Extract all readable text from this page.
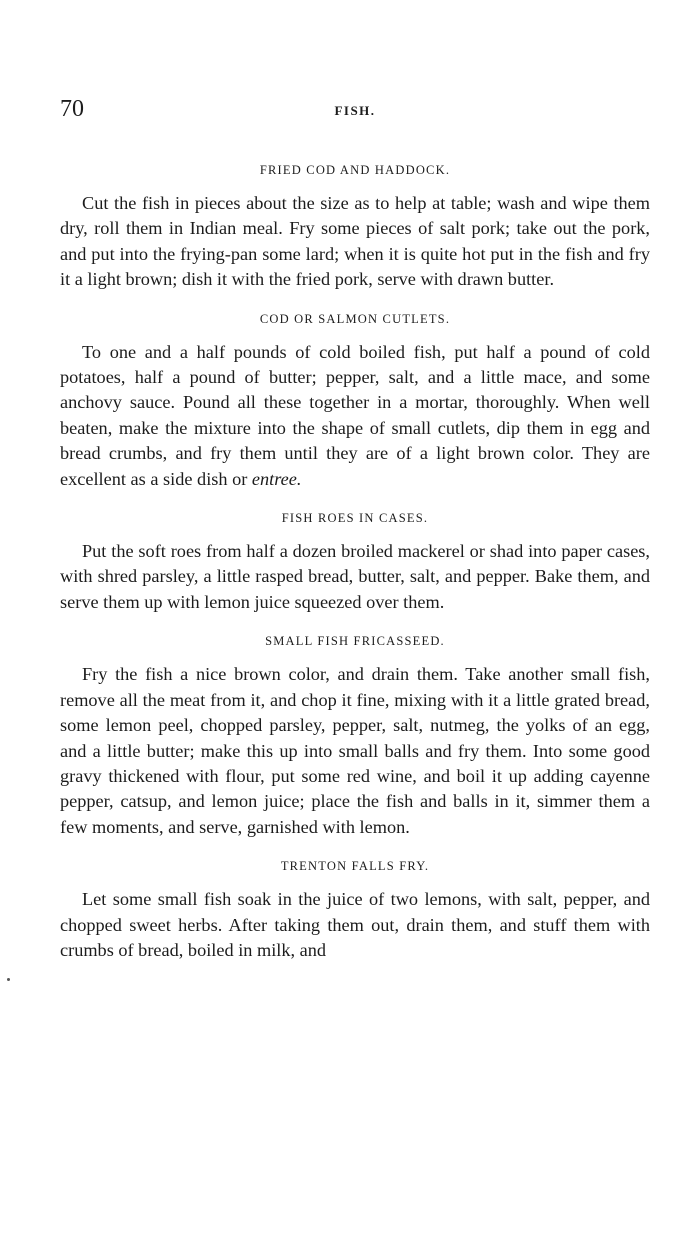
70	FISH.
FRIED COD AND HADDOCK.

Cut the fish in pieces about the size as to help at table; wash and wipe them dry, roll them in Indian meal. Fry some pieces of salt pork; take out the pork, and put into the frying-pan some lard; when it is quite hot put in the fish and fry it a light brown; dish it with the fried pork, serve with drawn butter.

COD OR SALMON CUTLETS.

To one and a half pounds of cold boiled fish, put half a pound of cold potatoes, half a pound of butter; pepper, salt, and a little mace, and some anchovy sauce. Pound all these together in a mortar, thoroughly. When well beaten, make the mixture into the shape of small cutlets, dip them in egg and bread crumbs, and fry them until they are of a light brown color. They are excellent as a side dish or entree.

FISH ROES IN CASES.

Put the soft roes from half a dozen broiled mackerel or shad into paper cases, with shred parsley, a little rasped bread, butter, salt, and pepper. Bake them, and serve them up with lemon juice squeezed over them.

SMALL FISH FRICASSEED.

Fry the fish a nice brown color, and drain them. Take another small fish, remove all the meat from it, and chop it fine, mixing with it a little grated bread, some lemon peel, chopped parsley, pepper, salt, nutmeg, the yolks of an egg, and a little butter; make this up into small balls and fry them. Into some good gravy thickened with flour, put some red wine, and boil it up adding cayenne pepper, catsup, and lemon juice; place the fish and balls in it, simmer them a few moments, and serve, garnished with lemon.

TRENTON FALLS FRY.

Let some small fish soak in the juice of two lemons, with salt, pepper, and chopped sweet herbs. After taking them out, drain them, and stuff them with crumbs of bread, boiled in milk, and
